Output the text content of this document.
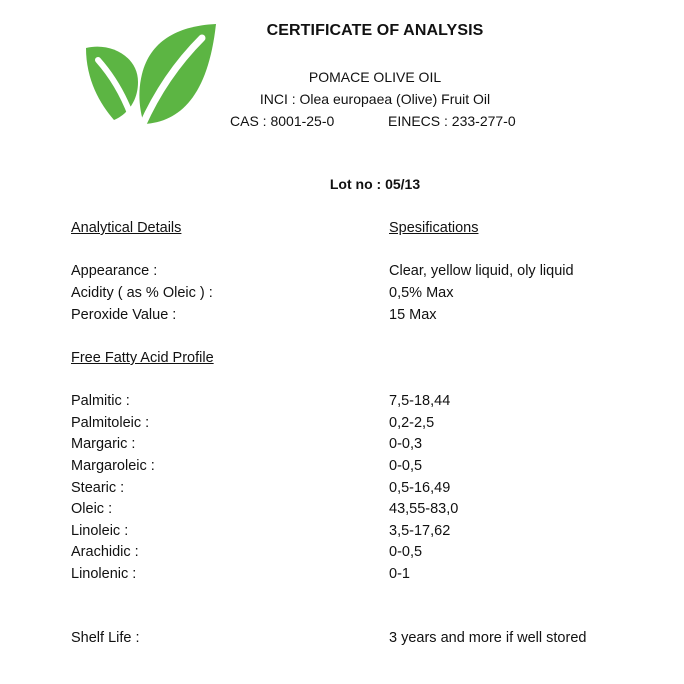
CERTIFICATE OF ANALYSIS
POMACE OLIVE OIL
INCI : Olea europaea (Olive) Fruit Oil
CAS : 8001-25-0	EINECS : 233-277-0
Lot no : 05/13
Analytical Details	Spesifications
Appearance :	Clear, yellow liquid, oly liquid
Acidity ( as % Oleic ) :	0,5% Max
Peroxide Value :	15 Max
Free Fatty Acid Profile
Palmitic :	7,5-18,44
Palmitoleic :	0,2-2,5
Margaric :	0-0,3
Margaroleic :	0-0,5
Stearic :	0,5-16,49
Oleic :	43,55-83,0
Linoleic :	3,5-17,62
Arachidic :	0-0,5
Linolenic :	0-1
Shelf Life :	3 years and more if well stored
